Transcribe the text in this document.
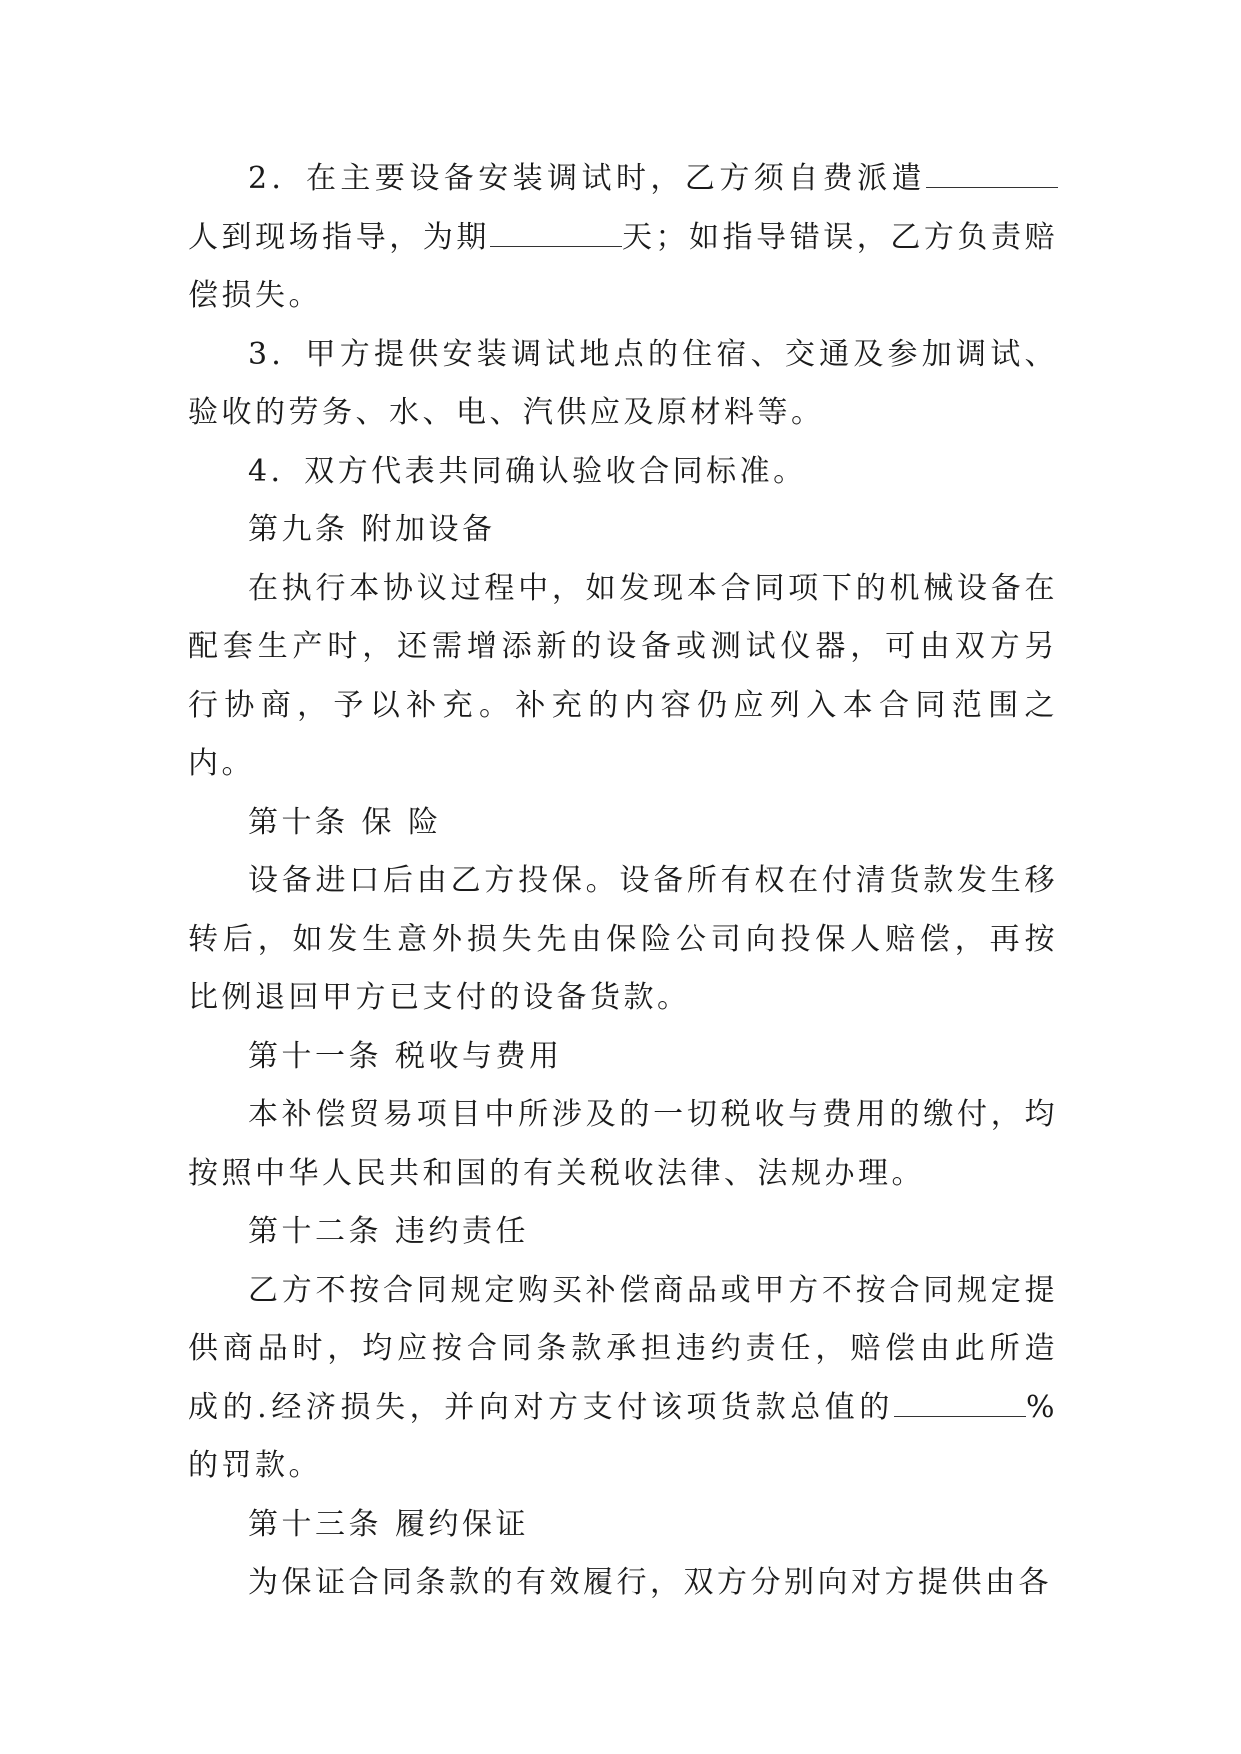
2．在主要设备安装调试时，乙方须自费派遣人到现场指导，为期	天；如指导错误，乙方负责赔偿损失。

3．甲方提供安装调试地点的住宿、交通及参加调试、验收的劳务、水、电、汽供应及原材料等。

4．双方代表共同确认验收合同标准。

第九条 附加设备

在执行本协议过程中，如发现本合同项下的机械设备在配套生产时，还需增添新的设备或测试仪器，可由双方另行协商，予以补充。补充的内容仍应列入本合同范围之内。

第十条 保 险

设备进口后由乙方投保。设备所有权在付清货款发生移转后，如发生意外损失先由保险公司向投保人赔偿，再按比例退回甲方已支付的设备货款。

第十一条 税收与费用

本补偿贸易项目中所涉及的一切税收与费用的缴付，均按照中华人民共和国的有关税收法律、法规办理。

第十二条 违约责任

乙方不按合同规定购买补偿商品或甲方不按合同规定提供商品时，均应按合同条款承担违约责任，赔偿由此所造成的.经济损失，并向对方支付该项货款总值的	%的罚款。

第十三条 履约保证

为保证合同条款的有效履行，双方分别向对方提供由各
